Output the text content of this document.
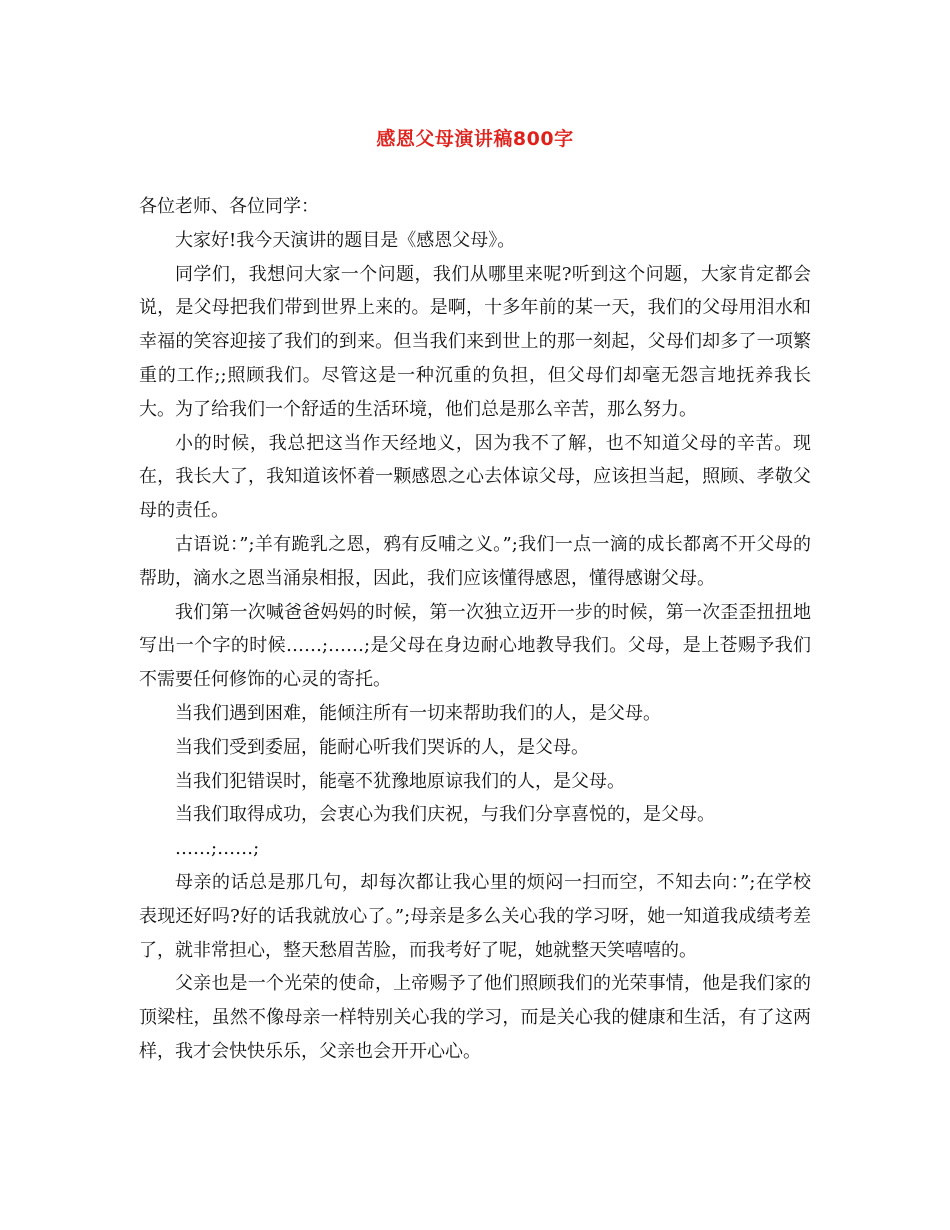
感恩父母演讲稿800字

各位老师、各位同学：

大家好!我今天演讲的题目是《感恩父母》。

同学们，我想问大家一个问题，我们从哪里来呢?听到这个问题，大家肯定都会说，是父母把我们带到世界上来的。是啊，十多年前的某一天，我们的父母用泪水和幸福的笑容迎接了我们的到来。但当我们来到世上的那一刻起，父母们却多了一项繁重的工作;;照顾我们。尽管这是一种沉重的负担，但父母们却毫无怨言地抚养我长大。为了给我们一个舒适的生活环境，他们总是那么辛苦，那么努力。

小的时候，我总把这当作天经地义，因为我不了解，也不知道父母的辛苦。现在，我长大了，我知道该怀着一颗感恩之心去体谅父母，应该担当起，照顾、孝敬父母的责任。

古语说：”;羊有跪乳之恩，鸦有反哺之义。”;我们一点一滴的成长都离不开父母的帮助，滴水之恩当涌泉相报，因此，我们应该懂得感恩，懂得感谢父母。

我们第一次喊爸爸妈妈的时候，第一次独立迈开一步的时候，第一次歪歪扭扭地写出一个字的时候……;……;是父母在身边耐心地教导我们。父母，是上苍赐予我们不需要任何修饰的心灵的寄托。

当我们遇到困难，能倾注所有一切来帮助我们的人，是父母。

当我们受到委屈，能耐心听我们哭诉的人，是父母。

当我们犯错误时，能毫不犹豫地原谅我们的人，是父母。

当我们取得成功，会衷心为我们庆祝，与我们分享喜悦的，是父母。

……;……;

母亲的话总是那几句，却每次都让我心里的烦闷一扫而空，不知去向：”;在学校表现还好吗?好的话我就放心了。”;母亲是多么关心我的学习呀，她一知道我成绩考差了，就非常担心，整天愁眉苦脸，而我考好了呢，她就整天笑嘻嘻的。

父亲也是一个光荣的使命，上帝赐予了他们照顾我们的光荣事情，他是我们家的顶梁柱，虽然不像母亲一样特别关心我的学习，而是关心我的健康和生活，有了这两样，我才会快快乐乐，父亲也会开开心心。
